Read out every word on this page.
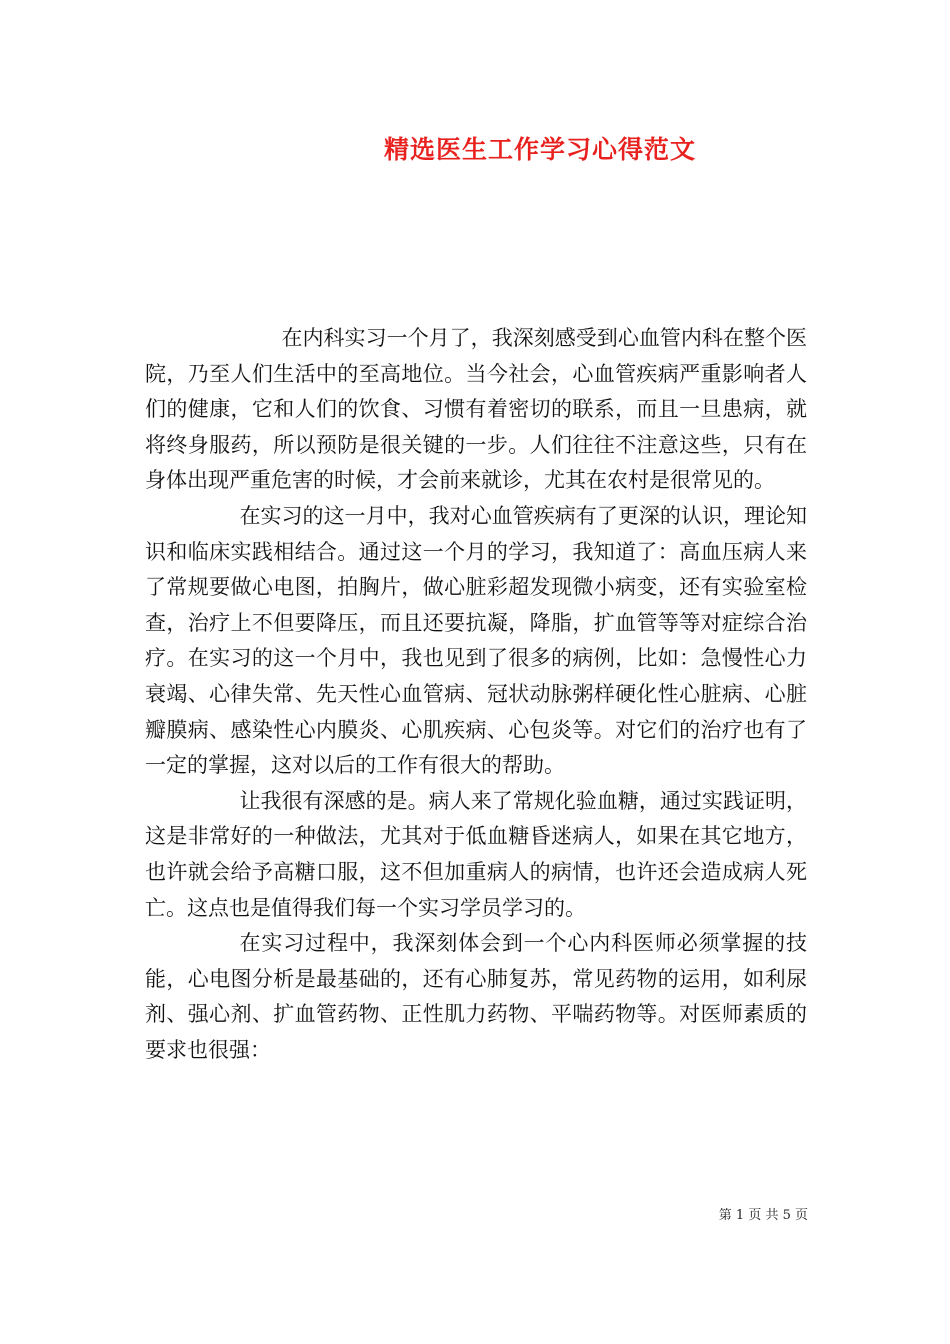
精选医生工作学习心得范文

在内科实习一个月了，我深刻感受到心血管内科在整个医院，乃至人们生活中的至高地位。当今社会，心血管疾病严重影响者人们的健康，它和人们的饮食、习惯有着密切的联系，而且一旦患病，就将终身服药，所以预防是很关键的一步。人们往往不注意这些，只有在身体出现严重危害的时候，才会前来就诊，尤其在农村是很常见的。

在实习的这一月中，我对心血管疾病有了更深的认识，理论知识和临床实践相结合。通过这一个月的学习，我知道了：高血压病人来了常规要做心电图，拍胸片，做心脏彩超发现微小病变，还有实验室检查，治疗上不但要降压，而且还要抗凝，降脂，扩血管等等对症综合治疗。在实习的这一个月中，我也见到了很多的病例，比如：急慢性心力衰竭、心律失常、先天性心血管病、冠状动脉粥样硬化性心脏病、心脏瓣膜病、感染性心内膜炎、心肌疾病、心包炎等。对它们的治疗也有了一定的掌握，这对以后的工作有很大的帮助。

让我很有深感的是。病人来了常规化验血糖，通过实践证明，这是非常好的一种做法，尤其对于低血糖昏迷病人，如果在其它地方，也许就会给予高糖口服，这不但加重病人的病情，也许还会造成病人死亡。这点也是值得我们每一个实习学员学习的。

在实习过程中，我深刻体会到一个心内科医师必须掌握的技能，心电图分析是最基础的，还有心肺复苏，常见药物的运用，如利尿剂、强心剂、扩血管药物、正性肌力药物、平喘药物等。对医师素质的要求也很强：

第 1 页 共 5 页
